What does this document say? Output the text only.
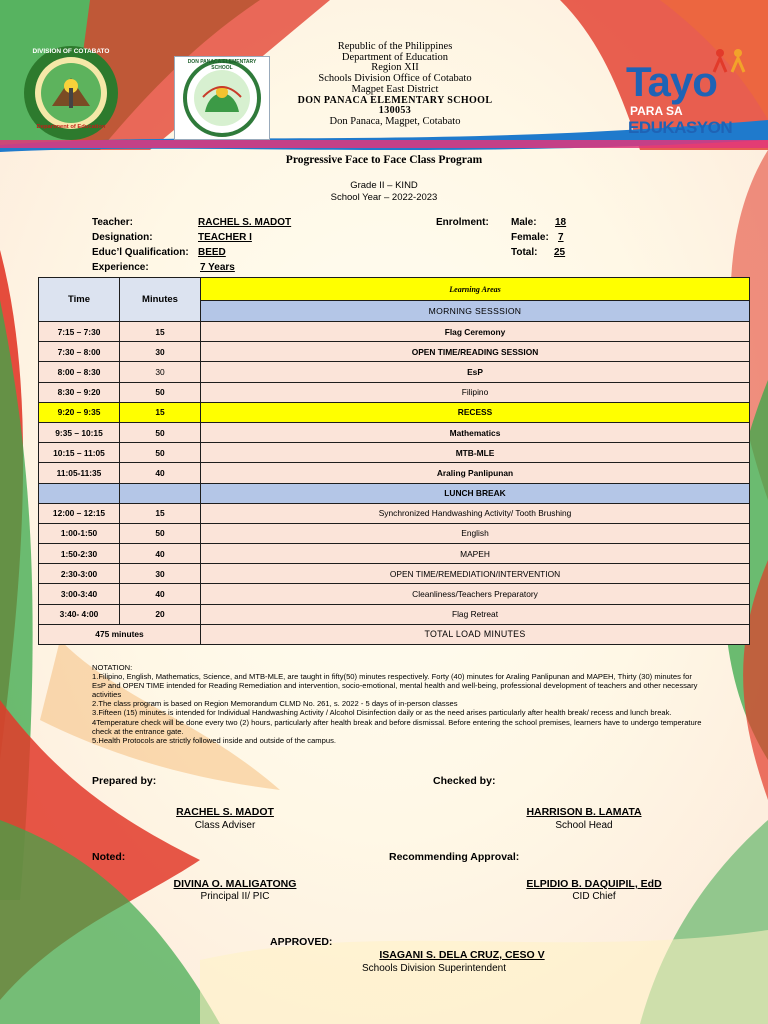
DIVISION OF COTABATO
Department of Education
DON PANACA ELEMENTARY SCHOOL	Tayo
PARA SA
EDUKASYON
Republic of the Philippines
Department of Education
Region XII
Schools Division Office of Cotabato
Magpet East District
DON PANACA ELEMENTARY SCHOOL
130053
Don Panaca, Magpet, Cotabato
Progressive Face to Face Class Program
Grade II – KIND
School Year – 2022-2023
Teacher:	RACHEL S. MADOT
Designation:	TEACHER I
Educ’l Qualification: BEED
Experience:	7 Years
Enrolment: Male: 18
Female: 7
Total: 25
Time	Minutes	Learning Areas
		MORNING SESSSION
7:15 – 7:30	15	Flag Ceremony
7:30 – 8:00	30	OPEN TIME/READING SESSION
8:00 – 8:30	30	EsP
8:30 – 9:20	50	Filipino
9:20 – 9:35	15	RECESS
9:35 – 10:15	50	Mathematics
10:15 – 11:05	50	MTB-MLE
11:05-11:35	40	Araling Panlipunan
		LUNCH BREAK
12:00 – 12:15	15	Synchronized Handwashing Activity/ Tooth Brushing
1:00-1:50	50	English
1:50-2:30	40	MAPEH
2:30-3:00	30	OPEN TIME/REMEDIATION/INTERVENTION
3:00-3:40	40	Cleanliness/Teachers Preparatory
3:40- 4:00	20	Flag Retreat
475 minutes		TOTAL LOAD MINUTES
NOTATION:
1.Filipino, English, Mathematics, Science, and MTB-MLE, are taught in fifty(50) minutes respectively. Forty (40) minutes for Araling Panlipunan and MAPEH, Thirty (30) minutes for EsP and OPEN TIME intended for Reading Remediation and intervention, socio-emotional, mental health and well-being, professional development of teachers and other necessary activities
2.The class program is based on Region Memorandum CLMD No. 261, s. 2022 - 5 days of in-person classes
3.Fifteen (15) minutes is intended for Individual Handwashing Activity / Alcohol Disinfection daily or as the need arises particularly after health break/ recess and lunch break.
4Temperature check will be done every two (2) hours, particularly after health break and before dismissal. Before entering the school premises, learners have to undergo temperature check at the entrance gate.
5.Health Protocols are strictly followed inside and outside of the campus.
Prepared by:	Checked by:
RACHEL S. MADOT
Class Adviser
HARRISON B. LAMATA
School Head
Noted:	Recommending Approval:
DIVINA O. MALIGATONG
Principal II/ PIC
ELPIDIO B. DAQUIPIL, EdD
CID Chief
APPROVED:
ISAGANI S. DELA CRUZ, CESO V
Schools Division Superintendent
